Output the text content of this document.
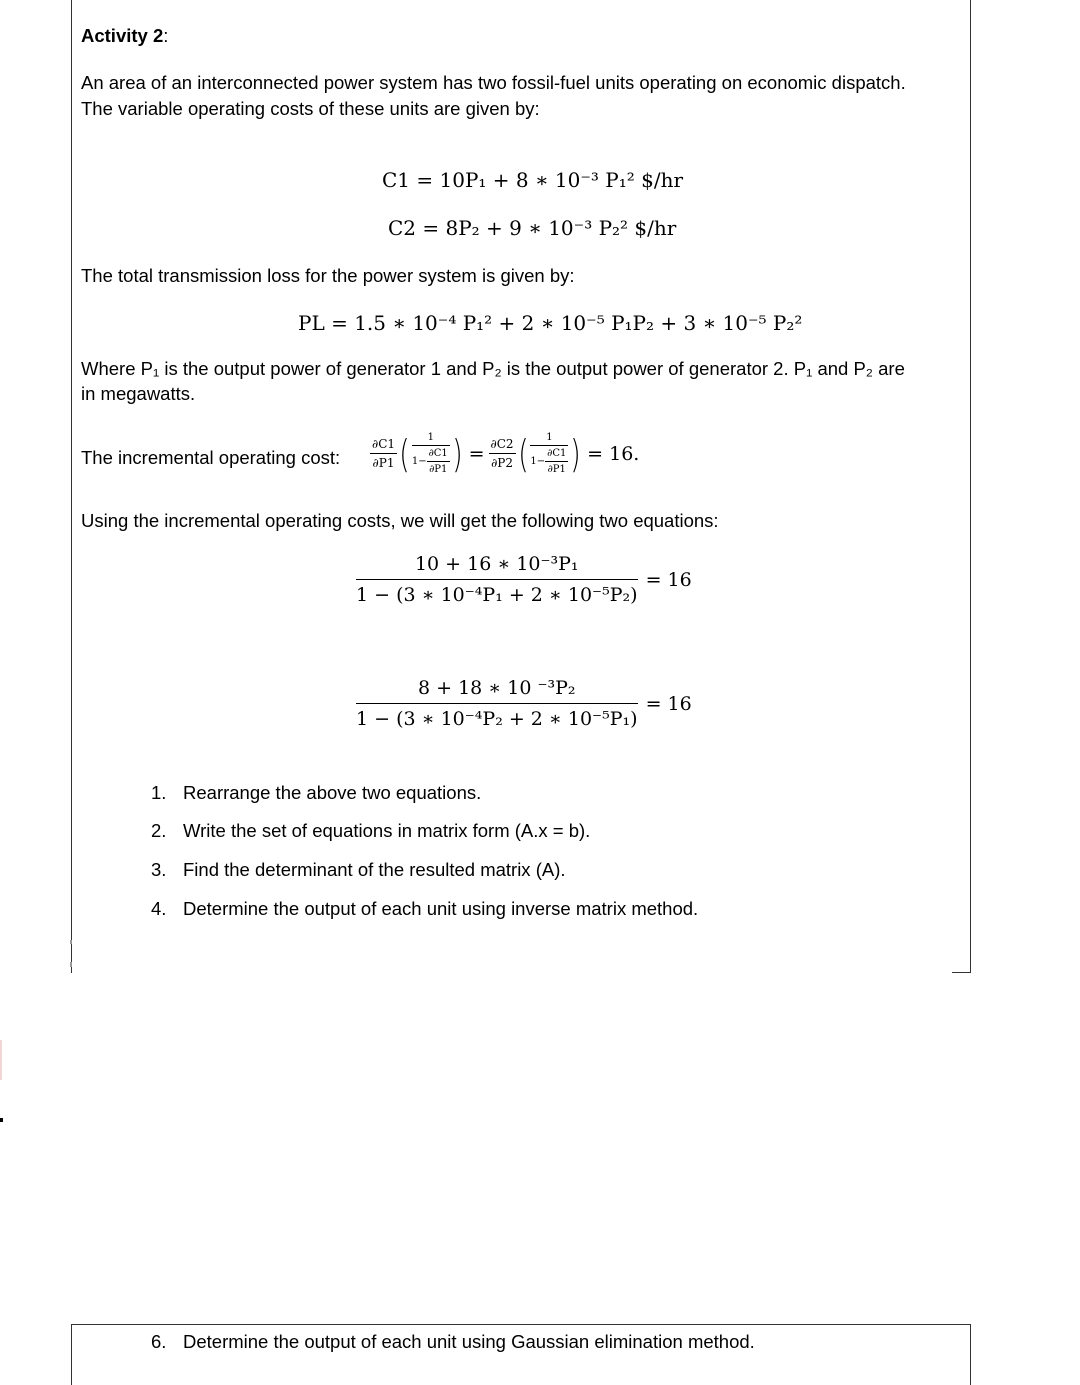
Activity 2:
An area of an interconnected power system has two fossil-fuel units operating on economic dispatch.
The variable operating costs of these units are given by:
C1 = 10P₁ + 8 ∗ 10⁻³ P₁² $/hr
C2 = 8P₂ + 9 ∗ 10⁻³ P₂² $/hr
The total transmission loss for the power system is given by:
PL = 1.5 ∗ 10⁻⁴ P₁² + 2 ∗ 10⁻⁵ P₁P₂ + 3 ∗ 10⁻⁵ P₂²
Where P₁ is the output power of generator 1 and P₂ is the output power of generator 2. P₁ and P₂ are
in megawatts.
The incremental operating cost: $\frac{\partial C1}{\partial P1}$ ( $\frac{1}{1- \frac{\partial C1}{\partial P1}}$ ) = $\frac{\partial C2}{\partial P2}$ ( $\frac{1}{1- \frac{\partial C1}{\partial P1}}$ ) = 16.
Using the incremental operating costs, we will get the following two equations:
$\frac{\text{10 + 16 ∗ 10⁻³P₁}}{\text{1 − (3 ∗ 10⁻⁴P₁ + 2 ∗ 10⁻⁵P₂)}} = 16$
$\frac{\text{8 + 18 ∗ 10 ⁻³P₂}}{\text{1 − (3 ∗ 10⁻⁴P₂ + 2 ∗ 10⁻⁵P₁)}} = 16$
1. Rearrange the above two equations.
2. Write the set of equations in matrix form (A.x = b).
3. Find the determinant of the resulted matrix (A).
4. Determine the output of each unit using inverse matrix method.
6. Determine the output of each unit using Gaussian elimination method.
